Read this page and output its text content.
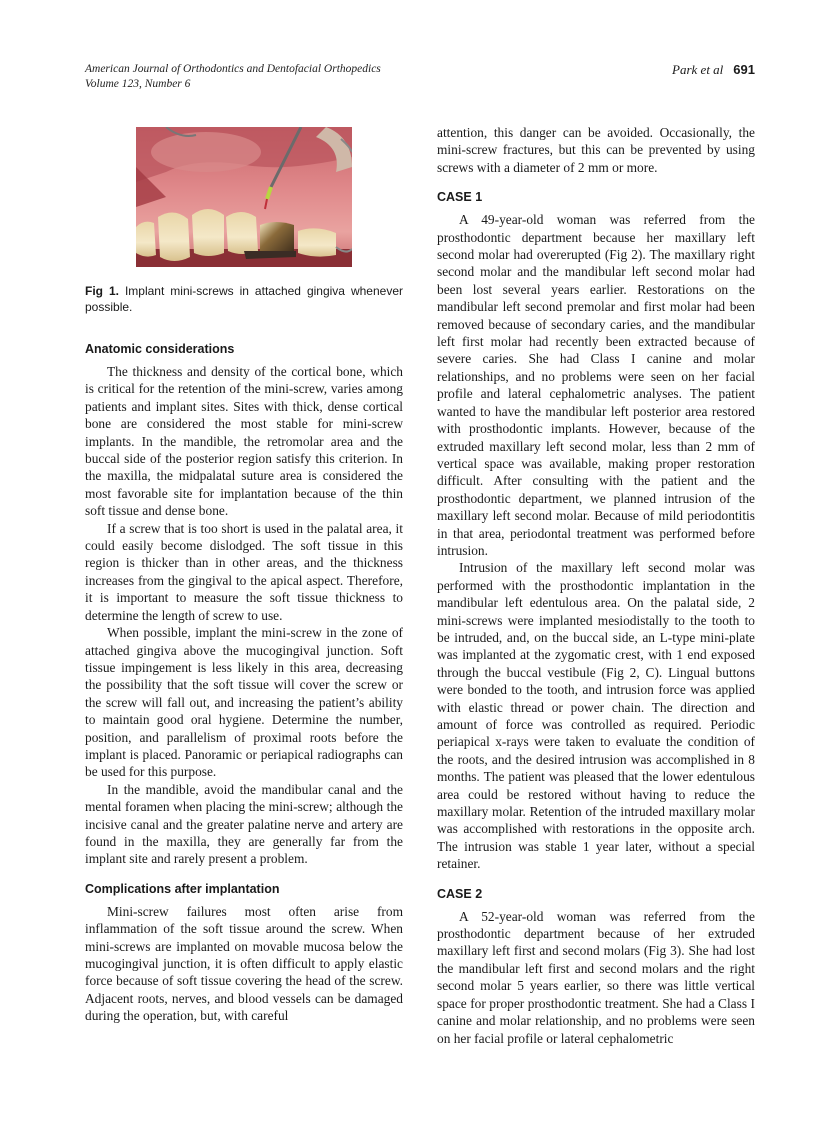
American Journal of Orthodontics and Dentofacial Orthopedics
Volume 123, Number 6
Park et al 691
Fig 1. Implant mini-screws in attached gingiva whenever possible.
Anatomic considerations

The thickness and density of the cortical bone, which is critical for the retention of the mini-screw, varies among patients and implant sites. Sites with thick, dense cortical bone are considered the most stable for mini-screw implants. In the mandible, the retromolar area and the buccal side of the posterior region satisfy this criterion. In the maxilla, the midpalatal suture area is considered the most favorable site for implantation because of the thin soft tissue and dense bone.

If a screw that is too short is used in the palatal area, it could easily become dislodged. The soft tissue in this region is thicker than in other areas, and the thickness increases from the gingival to the apical aspect. Therefore, it is important to measure the soft tissue thickness to determine the length of screw to use.

When possible, implant the mini-screw in the zone of attached gingiva above the mucogingival junction. Soft tissue impingement is less likely in this area, decreasing the possibility that the soft tissue will cover the screw or the screw will fall out, and increasing the patient’s ability to maintain good oral hygiene. Determine the number, position, and parallelism of proximal roots before the implant is placed. Panoramic or periapical radiographs can be used for this purpose.

In the mandible, avoid the mandibular canal and the mental foramen when placing the mini-screw; although the incisive canal and the greater palatine nerve and artery are found in the maxilla, they are generally far from the implant site and rarely present a problem.

Complications after implantation

Mini-screw failures most often arise from inflammation of the soft tissue around the screw. When mini-screws are implanted on movable mucosa below the mucogingival junction, it is often difficult to apply elastic force because of soft tissue covering the head of the screw. Adjacent roots, nerves, and blood vessels can be damaged during the operation, but, with careful

attention, this danger can be avoided. Occasionally, the mini-screw fractures, but this can be prevented by using screws with a diameter of 2 mm or more.

CASE 1

A 49-year-old woman was referred from the prosthodontic department because her maxillary left second molar had overerupted (Fig 2). The maxillary right second molar and the mandibular left second molar had been lost several years earlier. Restorations on the mandibular left second premolar and first molar had been removed because of secondary caries, and the mandibular left first molar had recently been extracted because of severe caries. She had Class I canine and molar relationships, and no problems were seen on her facial profile and lateral cephalometric analyses. The patient wanted to have the mandibular left posterior area restored with prosthodontic implants. However, because of the extruded maxillary left second molar, less than 2 mm of vertical space was available, making proper restoration difficult. After consulting with the patient and the prosthodontic department, we planned intrusion of the maxillary left second molar. Because of mild periodontitis in that area, periodontal treatment was performed before intrusion.

Intrusion of the maxillary left second molar was performed with the prosthodontic implantation in the mandibular left edentulous area. On the palatal side, 2 mini-screws were implanted mesiodistally to the tooth to be intruded, and, on the buccal side, an L-type mini-plate was implanted at the zygomatic crest, with 1 end exposed through the buccal vestibule (Fig 2, C). Lingual buttons were bonded to the tooth, and intrusion force was applied with elastic thread or power chain. The direction and amount of force was controlled as required. Periodic periapical x-rays were taken to evaluate the condition of the roots, and the desired intrusion was accomplished in 8 months. The patient was pleased that the lower edentulous area could be restored without having to reduce the maxillary molar. Retention of the intruded maxillary molar was accomplished with restorations in the opposite arch. The intrusion was stable 1 year later, without a special retainer.

CASE 2

A 52-year-old woman was referred from the prosthodontic department because of her extruded maxillary left first and second molars (Fig 3). She had lost the mandibular left first and second molars and the right second molar 5 years earlier, so there was little vertical space for proper prosthodontic treatment. She had a Class I canine and molar relationship, and no problems were seen on her facial profile or lateral cephalometric
